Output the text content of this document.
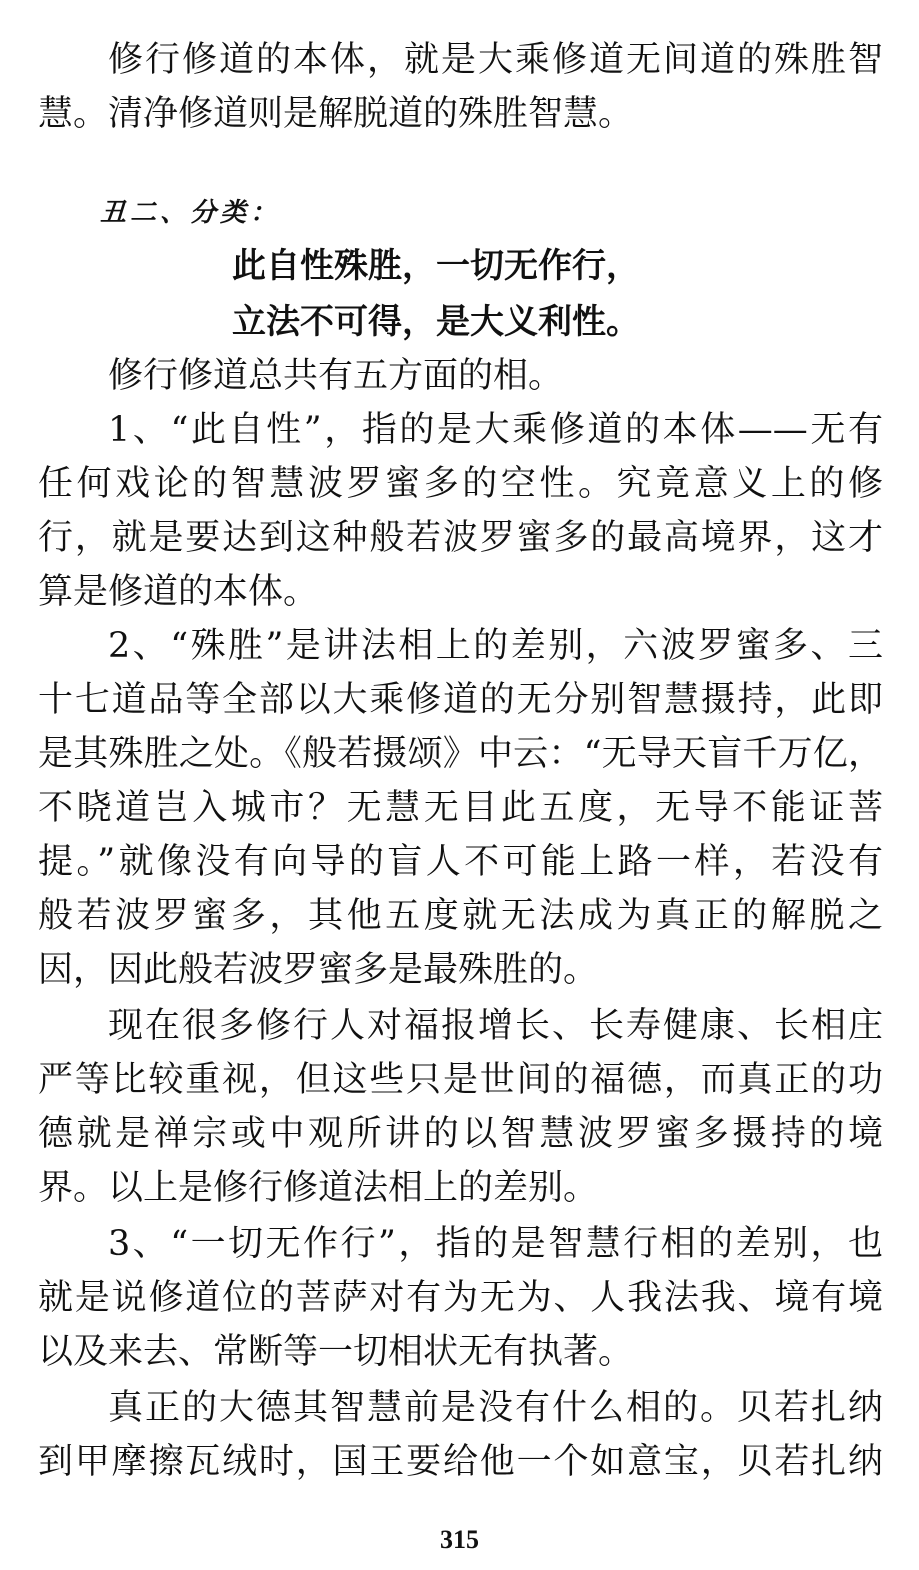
修行修道的本体，就是大乘修道无间道的殊胜智
慧。清净修道则是解脱道的殊胜智慧。
丑二、分类：
此自性殊胜，一切无作行，
立法不可得，是大义利性。
修行修道总共有五方面的相。
1、“此自性”，指的是大乘修道的本体——无有
任何戏论的智慧波罗蜜多的空性。究竟意义上的修
行，就是要达到这种般若波罗蜜多的最高境界，这才
算是修道的本体。
2、“殊胜”是讲法相上的差别，六波罗蜜多、三
十七道品等全部以大乘修道的无分别智慧摄持，此即
是其殊胜之处。《般若摄颂》中云：“无导天盲千万亿，
不晓道岂入城市？无慧无目此五度，无导不能证菩
提。”就像没有向导的盲人不可能上路一样，若没有
般若波罗蜜多，其他五度就无法成为真正的解脱之
因，因此般若波罗蜜多是最殊胜的。
现在很多修行人对福报增长、长寿健康、长相庄
严等比较重视，但这些只是世间的福德，而真正的功
德就是禅宗或中观所讲的以智慧波罗蜜多摄持的境
界。以上是修行修道法相上的差别。
3、“一切无作行”，指的是智慧行相的差别，也
就是说修道位的菩萨对有为无为、人我法我、境有境
以及来去、常断等一切相状无有执著。
真正的大德其智慧前是没有什么相的。贝若扎纳
到甲摩擦瓦绒时，国王要给他一个如意宝，贝若扎纳
315
